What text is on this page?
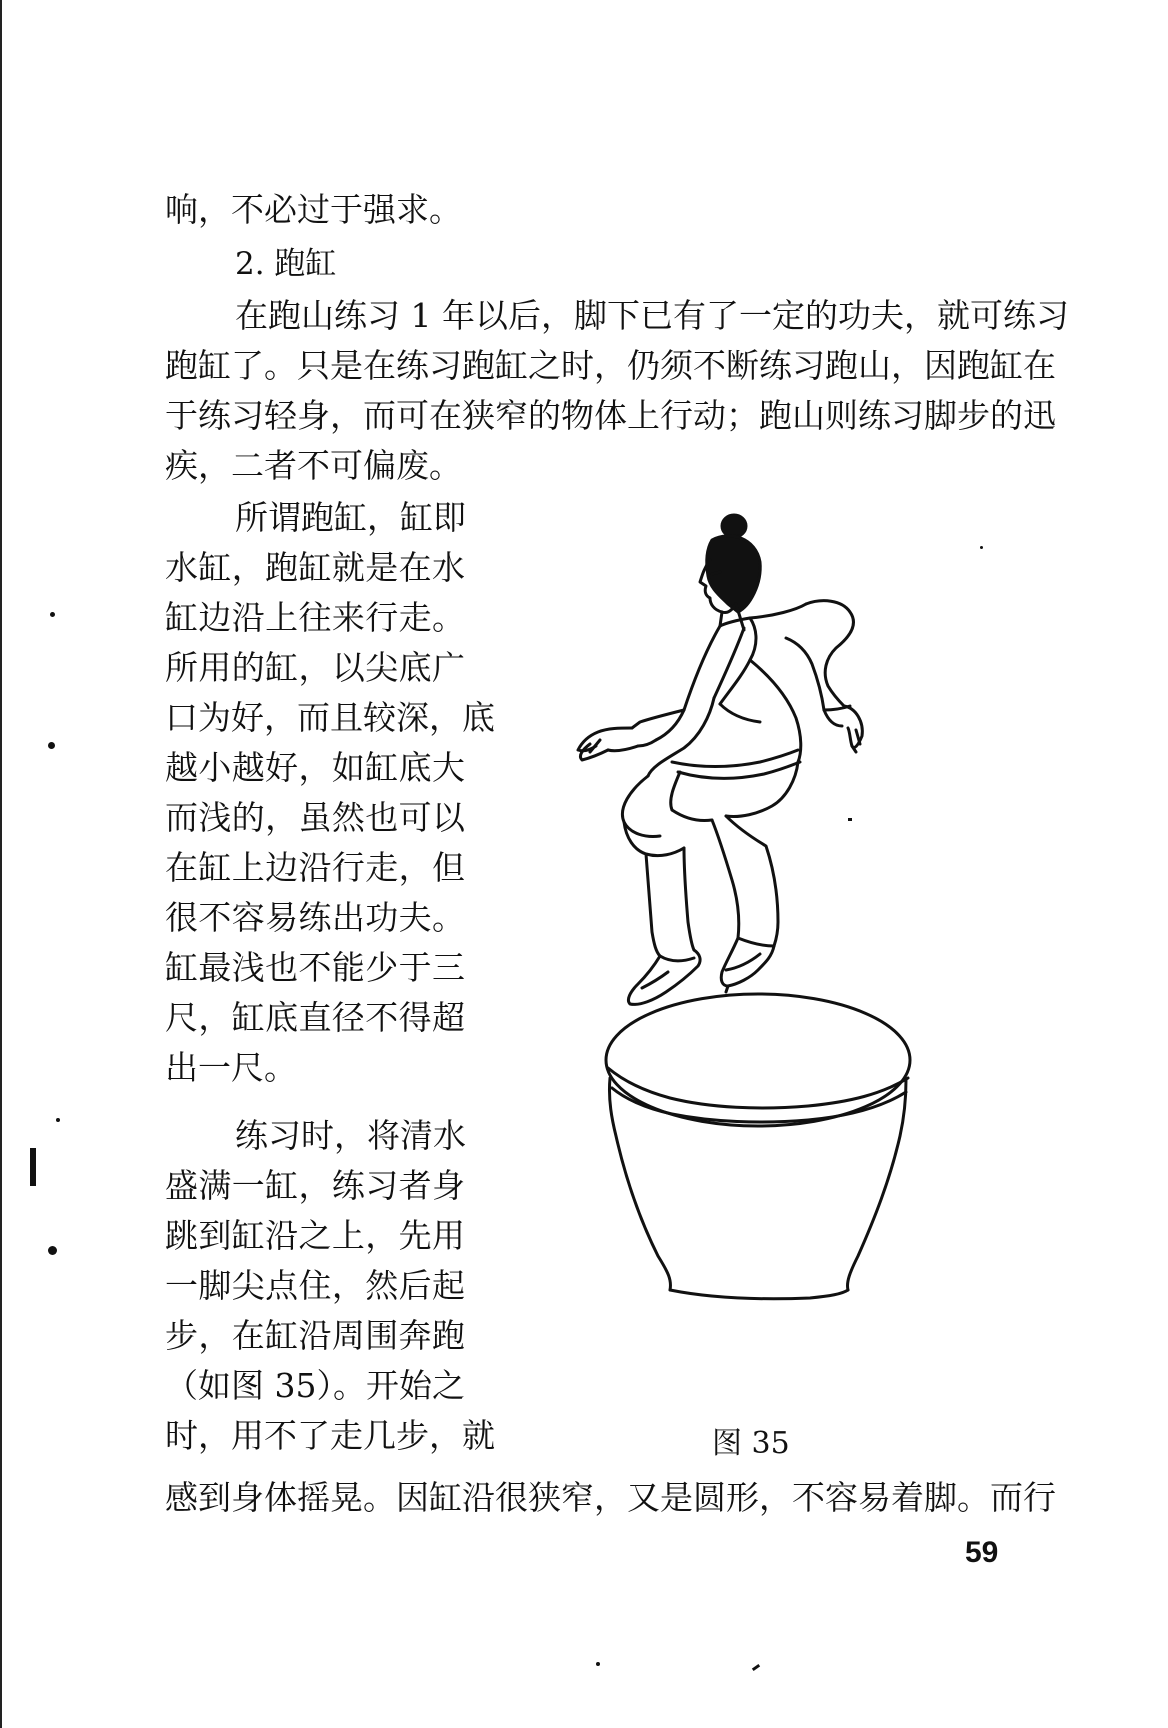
响，不必过于强求。
2. 跑缸
在跑山练习 1 年以后，脚下已有了一定的功夫，就可练习
跑缸了。只是在练习跑缸之时，仍须不断练习跑山，因跑缸在
于练习轻身，而可在狭窄的物体上行动；跑山则练习脚步的迅
疾，二者不可偏废。
所谓跑缸，缸即
水缸，跑缸就是在水
缸边沿上往来行走。
所用的缸，以尖底广
口为好，而且较深，底
越小越好，如缸底大
而浅的，虽然也可以
在缸上边沿行走，但
很不容易练出功夫。
缸最浅也不能少于三
尺，缸底直径不得超
出一尺。
练习时，将清水
盛满一缸，练习者身
跳到缸沿之上，先用
一脚尖点住，然后起
步，在缸沿周围奔跑
（如图 35）。开始之
时，用不了走几步，就
感到身体摇晃。因缸沿很狭窄，又是圆形，不容易着脚。而行
图 35
59
